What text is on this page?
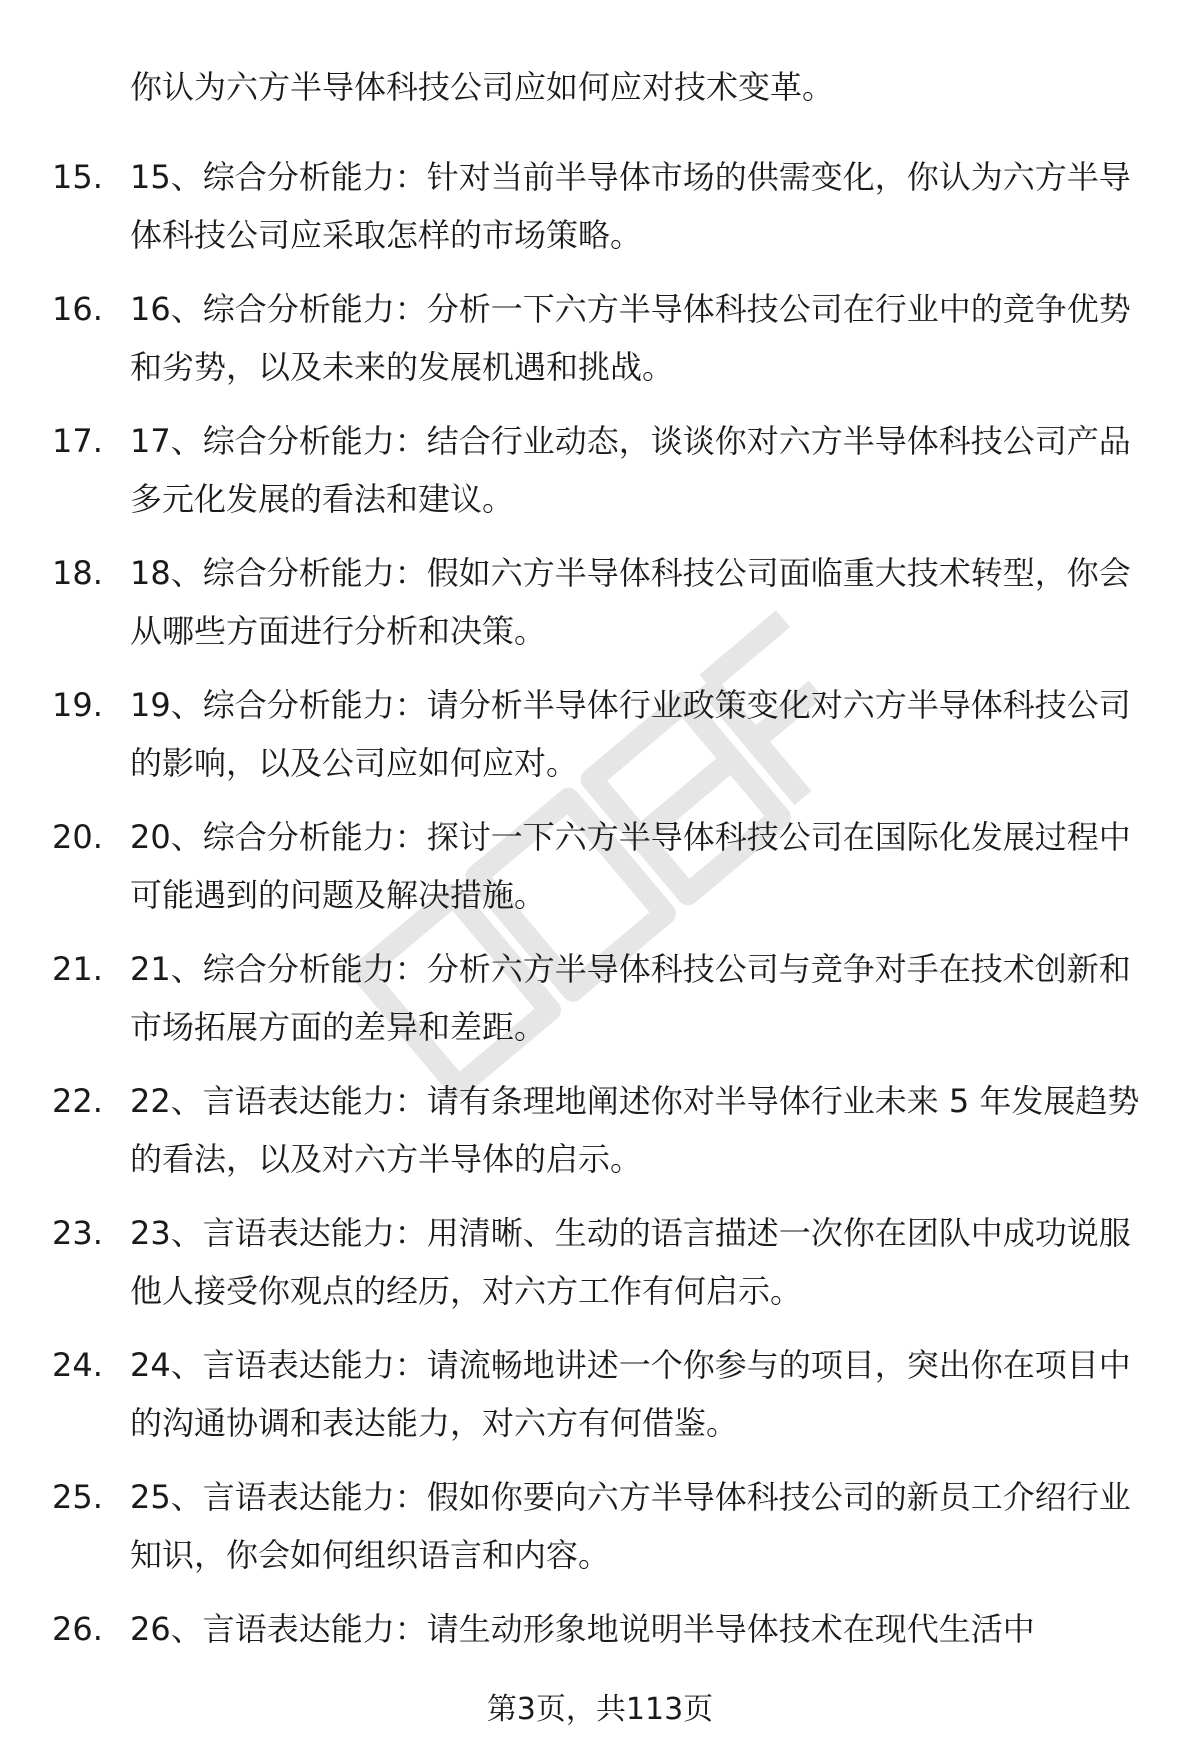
你认为六方半导体科技公司应如何应对技术变革。

15. 15、综合分析能力：针对当前半导体市场的供需变化，你认为六方半导体科技公司应采取怎样的市场策略。

16. 16、综合分析能力：分析一下六方半导体科技公司在行业中的竞争优势和劣势，以及未来的发展机遇和挑战。

17. 17、综合分析能力：结合行业动态，谈谈你对六方半导体科技公司产品多元化发展的看法和建议。

18. 18、综合分析能力：假如六方半导体科技公司面临重大技术转型，你会从哪些方面进行分析和决策。

19. 19、综合分析能力：请分析半导体行业政策变化对六方半导体科技公司的影响，以及公司应如何应对。

20. 20、综合分析能力：探讨一下六方半导体科技公司在国际化发展过程中可能遇到的问题及解决措施。

21. 21、综合分析能力：分析六方半导体科技公司与竞争对手在技术创新和市场拓展方面的差异和差距。

22. 22、言语表达能力：请有条理地阐述你对半导体行业未来 5 年发展趋势的看法，以及对六方半导体的启示。

23. 23、言语表达能力：用清晰、生动的语言描述一次你在团队中成功说服他人接受你观点的经历，对六方工作有何启示。

24. 24、言语表达能力：请流畅地讲述一个你参与的项目，突出你在项目中的沟通协调和表达能力，对六方有何借鉴。

25. 25、言语表达能力：假如你要向六方半导体科技公司的新员工介绍行业知识，你会如何组织语言和内容。

26. 26、言语表达能力：请生动形象地说明半导体技术在现代生活中

第3页，共113页
